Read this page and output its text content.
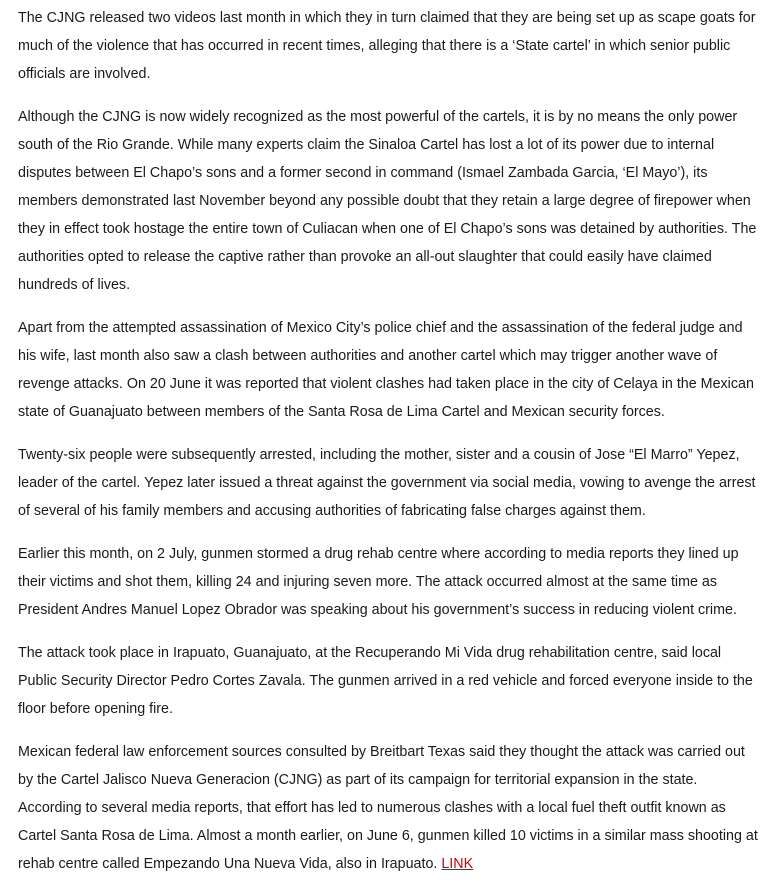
The CJNG released two videos last month in which they in turn claimed that they are being set up as scape goats for much of the violence that has occurred in recent times, alleging that there is a ‘State cartel’ in which senior public officials are involved.

Although the CJNG is now widely recognized as the most powerful of the cartels, it is by no means the only power south of the Rio Grande. While many experts claim the Sinaloa Cartel has lost a lot of its power due to internal disputes between El Chapo’s sons and a former second in command (Ismael Zambada Garcia, ‘El Mayo’), its members demonstrated last November beyond any possible doubt that they retain a large degree of firepower when they in effect took hostage the entire town of Culiacan when one of El Chapo’s sons was detained by authorities. The authorities opted to release the captive rather than provoke an all-out slaughter that could easily have claimed hundreds of lives.

Apart from the attempted assassination of Mexico City’s police chief and the assassination of the federal judge and his wife, last month also saw a clash between authorities and another cartel which may trigger another wave of revenge attacks. On 20 June it was reported that violent clashes had taken place in the city of Celaya in the Mexican state of Guanajuato between members of the Santa Rosa de Lima Cartel and Mexican security forces.

Twenty-six people were subsequently arrested, including the mother, sister and a cousin of Jose “El Marro” Yepez, leader of the cartel. Yepez later issued a threat against the government via social media, vowing to avenge the arrest of several of his family members and accusing authorities of fabricating false charges against them.

Earlier this month, on 2 July, gunmen stormed a drug rehab centre where according to media reports they lined up their victims and shot them, killing 24 and injuring seven more. The attack occurred almost at the same time as President Andres Manuel Lopez Obrador was speaking about his government’s success in reducing violent crime.

The attack took place in Irapuato, Guanajuato, at the Recuperando Mi Vida drug rehabilitation centre, said local Public Security Director Pedro Cortes Zavala. The gunmen arrived in a red vehicle and forced everyone inside to the floor before opening fire.

Mexican federal law enforcement sources consulted by Breitbart Texas said they thought the attack was carried out by the Cartel Jalisco Nueva Generacion (CJNG) as part of its campaign for territorial expansion in the state. According to several media reports, that effort has led to numerous clashes with a local fuel theft outfit known as Cartel Santa Rosa de Lima. Almost a month earlier, on June 6, gunmen killed 10 victims in a similar mass shooting at rehab centre called Empezando Una Nueva Vida, also in Irapuato. LINK
